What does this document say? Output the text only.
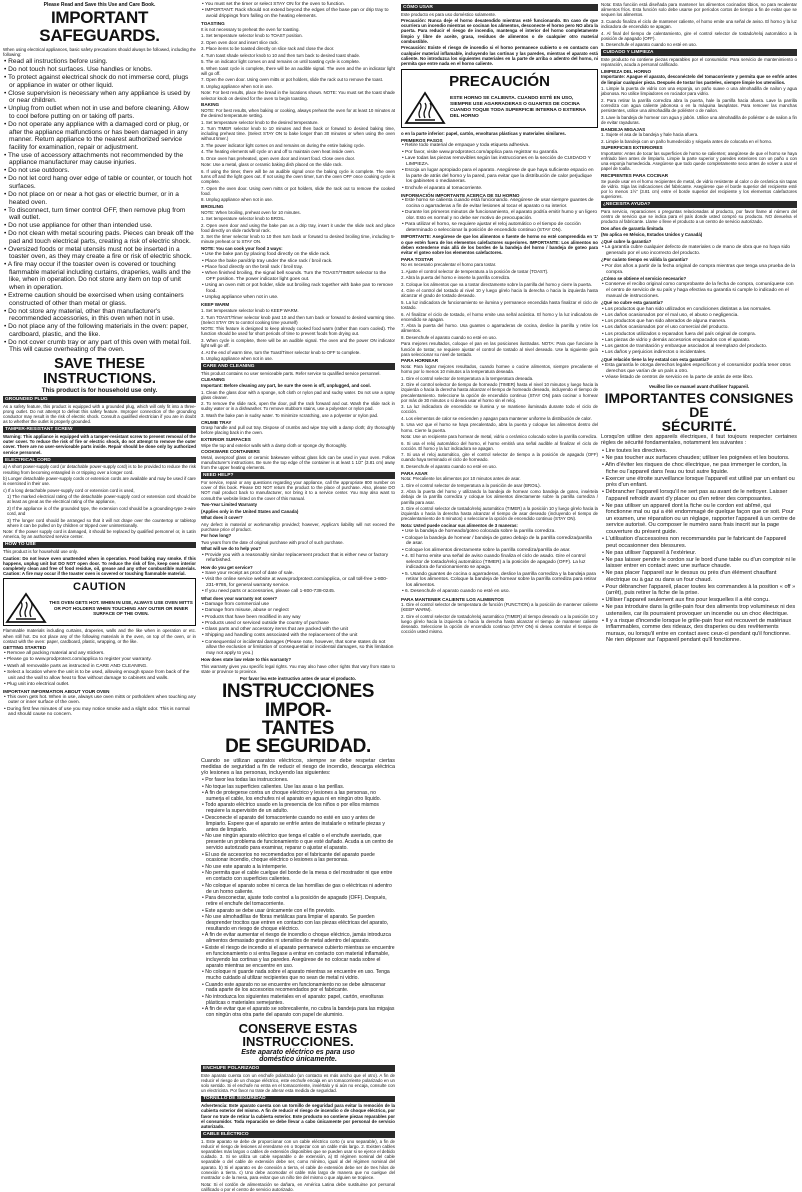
Please Read and Save this Use and Care Book.
IMPORTANT SAFEGUARDS.
When using electrical appliances, basic safety precautions should always be followed, including the following:
• Read all instructions before using.
• Do not touch hot surfaces. Use handles or knobs.
• To protect against electrical shock do not immerse cord, plugs or appliance in water or other liquid.
• Close supervision is necessary when any appliance is used by or near children.
• Unplug from outlet when not in use and before cleaning. Allow to cool before putting on or taking off parts.
• Do not operate any appliance with a damaged cord or plug, or after the appliance malfunctions or has been damaged in any manner. Return appliance to the nearest authorized service facility for examination, repair or adjustment.
• The use of accessory attachments not recommended by the appliance manufacturer may cause injuries.
• Do not use outdoors.
• Do not let cord hang over edge of table or counter, or touch hot surfaces.
• Do not place on or near a hot gas or electric burner, or in a heated oven.
• To disconnect, turn timer control OFF, then remove plug from wall outlet.
• Do not use appliance for other than intended use.
• Do not clean with metal scouring pads. Pieces can break off the pad and touch electrical parts, creating a risk of electric shock.
• Oversized foods or metal utensils must not be inserted in a toaster oven, as they may create a fire or risk of electric shock.
• A fire may occur if the toaster oven is covered or touching flammable material including curtains, draperies, walls and the like, when in operation. Do not store any item on top of unit when in operation.
• Extreme caution should be exercised when using containers constructed of other than metal or glass.
• Do not store any material, other than manufacturer's recommended accessories, in this oven when not in use.
• Do not place any of the following materials in the oven: paper, cardboard, plastic, and the like.
• Do not cover crumb tray or any part of this oven with metal foil. This will cause overheating of the oven.
SAVE THESE INSTRUCTIONS.
This product is for household use only.
GROUNDED PLUG
As a safety feature, this product is equipped with a grounded plug, which will only fit into a three-prong outlet. Do not attempt to defeat this safety feature. Improper connection of the grounding conductor may result in the risk of electric shock. Consult a qualified electrician if you are in doubt as to whether the outlet is properly grounded.
TAMPER-RESISTANT SCREW
Warning: This appliance is equipped with a tamper-resistant screw to prevent removal of the outer cover. To reduce the risk of fire or electric shock, do not attempt to remove the outer cover. There are no user-serviceable parts inside. Repair should be done only by authorized service personnel.
ELECTRICAL CORD
a) A short power-supply cord (or detachable power-supply cord) is to be provided to reduce the risk resulting from becoming entangled in or tripping over a longer cord.
b) Longer detachable power-supply cords or extension cords are available and may be used if care is exercised in their use.
c) If a long detachable power-supply cord or extension cord is used,
1) The marked electrical rating of the detachable power-supply cord or extension cord should be at least as great as the electrical rating of the appliance,
2) If the appliance is of the grounded type, the extension cord should be a grounding-type 3-wire cord, and
3) The longer cord should be arranged so that it will not drape over the countertop or tabletop where it can be pulled on by children or tripped over unintentionally.
Note: If the power supply cord is damaged, it should be replaced by qualified personnel or, in Latin America, by an authorized service center.
HOW TO USE
This product is for household use only.
Caution: Do not leave oven unattended when in operation. Food baking may smoke. If this happens, unplug unit but DO NOT open door. To reduce the risk of fire, keep oven interior completely clean and free of food residue, oil, grease and any other combustible materials. Caution: A fire may occur if the toaster oven is covered or touching flammable material.
CAUTION
THIS OVEN GETS HOT. WHEN IN USE, ALWAYS USE OVEN MITTS OR POT HOLDERS WHEN TOUCHING ANY OUTER OR INNER SURFACE OF THE OVEN.
Flammable materials including curtains, draperies, walls and the like when in operation or etc. when still hot. Do not place any of the following materials in the oven, on top of the oven, or in contact with the oven: paper, cardboard, plastic, wrapping, or the like.
GETTING STARTED
• Remove all packing material and any stickers.
• Please go to www.prodprotect.com/applica to register your warranty.
• Wash all removable parts as instructed in CARE AND CLEANING.
• Select a location where the unit is to be used, allowing enough space from back of the unit and the wall to allow heat to flow without damage to cabinets and walls.
• Plug unit into electrical outlet.
IMPORTANT INFORMATION ABOUT YOUR OVEN
• This oven gets hot. When in use, always use oven mitts or potholders when touching any outer or inner surface of the oven.
• During first few minutes of use you may notice smoke and a slight odor. This is normal and should cause no concern.
• You must set the timer or select STAY ON for the oven to function.
• IMPORTANT: Rack should not extend beyond the edges of the base pan or drip tray to avoid drippings from falling on the heating elements.
TOASTING
It is not necessary to preheat the oven for toasting.
1. Set temperature selector knob to TOAST position.
2. Open oven door and insert slice rack.
3. Place items to be toasted directly on slice rack and close the door.
4. Turn toast shade selector knob to 10 and then turn back to desired toast shade.
5. The on indicator light comes on and remains on until toasting cycle is complete.
6. When toast cycle is complete, there will be an audible signal. The oven and the on indicator light will go off.
7. Open the oven door. Using oven mitts or pot holders, slide the rack out to remove the toast.
8. Unplug appliance when not in use.
Note: For best results, place the bread in the locations shown. NOTE: You must set the toast shade selector knob on desired for the oven to begin toasting.
BAKING
NOTE: For best results, when baking or cooking, always preheat the oven for at least 10 minutes at the desired temperature setting.
1. Set temperature selector knob to the desired temperature.
2. Turn TIMER selector knob to 10 minutes and then back or forward to desired baking time, including preheat time. (Select STAY ON to bake longer than 30 minutes or when using the oven without timer.)
3. The power indicator light comes on and remains on during the entire baking cycle.
4. The heating elements will cycle on and off to maintain oven heat inside oven.
5. Once oven has preheated, open oven door and insert food. Close oven door.
Note: Use a metal, glass or ceramic baking dish placed on the slide rack.
6. If using the timer, there will be an audible signal once the baking cycle is complete. The oven turns off and the light goes out. If not using the oven timer, turn the oven OFF once cooking cycle is complete.
7. Open the oven door. Using oven mitts or pot holders, slide the rack out to remove the cooked food.
8. Unplug appliance when not in use.
BROILING
NOTE: When broiling, preheat oven for 10 minutes.
1. Set temperature selector knob to BROIL.
2. Open oven door and using the bake pan as a drip tray, insert it under the slide rack and place food directly on slide rack/broil rack.
3. Set the timer selector knob to 10 then turn back or forward to desired broiling time, including 5-minute preheat or to STAY ON.
NOTE: You can cook your food 3 ways:
• Use the bake pan by placing food directly on the slide rack.
• Place the bake pan/drip tray under the slice rack / broil rack.
• Place food directly on the broil rack / broil tray.
• When finished broiling, the signal bell sounds. Turn the TOAST/TIMER selector to the OFF position. The power indicator light goes out.
• Using an oven mitt or pot holder, slide out broiling rack together with bake pan to remove food.
• Unplug appliance when not in use.
KEEP WARM
1. Set temperature selector knob to KEEP WARM.
2. Turn TOAST/Timer selector knob past 10 and then turn back or forward to desired warming time. (Select STAY ON to control cooking time yourself)
NOTE: This feature is designed to keep already cooked food warm (rather than room cooled). The function should be used for short periods of time to prevent foods from drying out.
3. When cycle is complete, there will be an audible signal. The oven and the power ON indicator light will go off.
4. At the end of warm time, turn the Toast/Timer selector knob to OFF to complete.
5. Unplug appliance when not in use.
CARE AND CLEANING
This product contains no user serviceable parts. Refer service to qualified service personnel.
CLEANING
Important: Before cleaning any part, be sure the oven is off, unplugged, and cool.
1. Clean the glass door with a sponge, soft cloth or nylon pad and sudsy water. Do not use a spray glass cleaner.
2. To remove the slide rack, open the door, pull the rack forward and out. Wash the slide rack in sudsy water or in a dishwasher. To remove stubborn stains, use a polyester or nylon pad.
3. Wash the bake pan in sudsy water. To minimize scratching, use a polyester or nylon pad.
CRUMB TRAY
Grasp handle and pull out tray. Dispose of crumbs and wipe tray with a damp cloth; dry thoroughly before placing back in the oven.
EXTERIOR SURFACES
Wipe the top and exterior walls with a damp cloth or sponge dry thoroughly.
COOKWARE CONTAINERS
Metal, ovenproof glass or ceramic bakeware without glass lids can be used in your oven. Follow manufacturer's instructions. Be sure the top edge of the container is at least 1 1/2" (3.81 cm) away from the upper heating elements.
NEED HELP?
For service, repair or any questions regarding your appliance, call the appropriate 800 number on cover of this book. Please DO NOT return the product to the place of purchase. Also, please DO NOT mail product back to manufacturer, nor bring it to a service center. You may also want to consult the website listed on the cover of this manual.
Two-Year Limited Warranty
(Applies only in the United States and Canada)
What does it cover?
Any defect in material or workmanship provided; however, Applica's liability will not exceed the purchase price of product.
For how long?
Two years from the date of original purchase with proof of such purchase.
What will we do to help you?
• Provide you with a reasonably similar replacement product that is either new or factory refurbished.
How do you get service?
• Save your receipt as proof of date of sale.
• Visit the online service website at www.prodprotect.com/applica, or call toll-free 1-800-231-9786, for general warranty service.
• If you need parts or accessories, please call 1-800-738-0245.
What does your warranty not cover?
• Damage from commercial use
• Damage from misuse, abuse or neglect
• Products that have been modified in any way
• Products used or serviced outside the country of purchase
• Glass parts and other accessory items that are packed with the unit
• Shipping and handling costs associated with the replacement of the unit
• Consequential or incidental damages (Please note, however, that some states do not allow the exclusion or limitation of consequential or incidental damages, so this limitation may not apply to you.)
How does state law relate to this warranty?
This warranty gives you specific legal rights. You may also have other rights that vary from state to state or province to province.
Por favor lea este instructivo antes de usar el producto.
INSTRUCCIONES IMPOR-
TANTES
DE SEGURIDAD.
Cuando se utilizan aparatos eléctricos, siempre se debe respetar ciertas medidas de seguridad a fin de reducir el riesgo de incendio, descarga eléctrica y/o lesiones a las personas, incluyendo las siguientes:
• Por favor lea todas las instrucciones.
• No toque las superficies calientes. Use las asas o las perillas.
• A fin de protegerse contra un choque eléctrico y lesiones a las personas, no sumerja el cable, los enchufes ni el aparato en agua ni en ningún otro líquido.
• Todo aparato eléctrico usado en la presencia de los niños o por ellos mismos requiere la supervisión de un adulto.
• Desconecte el aparato del tomacorriente cuando no esté en uso y antes de limpiarlo. Espere que el aparato se enfríe antes de instalarle o retirarle piezas y antes de limpiarlo.
• No use ningún aparato eléctrico que tenga el cable o el enchufe averiado, que presente un problema de funcionamiento o que esté dañado. Acuda a un centro de servicio autorizado para examinar, reparar o ajustar el aparato.
• El uso de accesorios no recomendados por el fabricante del aparato puede ocasionar incendio, choque eléctrico o lesiones a las personas.
• No use este aparato a la intemperie.
• No permita que el cable cuelgue del borde de la mesa o del mostrador ni que entre en contacto con superficies calientes.
• No coloque el aparato sobre ni cerca de las hornillas de gas o eléctricas ni adentro de un horno caliente.
• Para desconectar, ajuste todo control a la posición de apagado (OFF). Después, retire el enchufe del tomacorriente.
• Este aparato se debe usar únicamente con el fin previsto.
• No use almohadillas de fibras metálicas para limpiar el aparato. Se pueden desprender trocitos que entren en contacto con las piezas eléctricas del aparato, resultando en riesgo de choque eléctrico.
• A fin de evitar aumentar el riesgo de incendio o choque eléctrico, jamás introduzca alimentos demasiado grandes ni utensilios de metal adentro del aparato.
• Existe el riesgo de incendio si el aparato permanece cubierto mientras se encuentre en funcionamiento o si entra llegase a entrar en contacto con material inflamable, incluyendo las cortinas y las paredes. Asegúrese de no colocar nada sobre el aparato mientras se encuentre en uso.
• No coloque ni guarde nada sobre el aparato mientras se encuentre en uso. Tenga mucho cuidado al utilizar recipientes que no sean de metal ni vidrio.
• Cuando este aparato no se encuentre en funcionamiento no se debe almacenar nada aparte de los accesorios recomendados por el fabricante.
• No introduzca los siguientes materiales en el aparato: papel, cartón, envolturas plásticas o materiales semejantes.
• A fin de evitar que el aparato se sobrecaliente, no cubra la bandeja para las migajas con ningún otra otra parte del aparato con papel de aluminio.
CONSERVE ESTAS
INSTRUCCIONES.
Este aparato eléctrico es para uso
doméstico únicamente.
ENCHUFE POLARIZADO
Este aparato cuenta con un enchufe polarizado (un contacto es más ancho que el otro). A fin de reducir el riesgo de un choque eléctrico, este enchufe encaja en un tomacorriente polarizado en un solo sentido. Si el enchufe no entra en el tomacorriente, inviértalo y si aún no encaja, consulte con un electricista. Por favor no trate de alterar esta medida de seguridad.
TORNILLO DE SEGURIDAD
Advertencia: Este aparato cuenta con un tornillo de seguridad para evitar la remoción de la cubierta exterior del mismo. A fin de reducir el riesgo de incendio o de choque eléctrico, por favor no trate de retirar la cubierta exterior. Este producto no contiene piezas reparables por el consumidor. Toda reparación se debe llevar a cabo únicamente por personal de servicio autorizado.
CABLE ELÉCTRICO
1. Este aparato se debe de proporcionar con un cable eléctrico corto (o uno separable), a fin de reducir el riesgo de lesiones al enredarse en o tropezar con un cable más largo. 2. Existen cables separables más largos o cables de extensión disponibles que se pueden usar si se ejerce el debido cuidado. 3. Si se utiliza un cable separable o de extensión, a) El régimen nominal del cable separable o del cable de extensión debe ser, como mínimo, igual al del régimen nominal del aparato. b) Si el aparato es de conexión a tierra, el cable de extensión debe ser de tres hilos de conexión a tierra. c) Uno debe acomodar el cable más largo de manera que no cuelgue del mostrador o de la mesa, para evitar que un niño tire del mismo o que alguien se tropiece.
Nota: Si el cordón de alimentación se dañara, en América Latina debe sustituirse por personal calificado o por el centro de servicio autorizado.
CÓMO USAR
Este producto es para uso doméstico solamente.
Precaución: Nunca deje el horno desatendido mientras esté funcionando. En caso de que ocurriera un incendio mientras se cocinan los alimentos, desconecte el horno pero NO abra la puerta. Para reducir el riesgo de incendio, mantenga el interior del horno completamente limpio y libre de aceite, grasa, residuos de alimentos o de cualquier otro material combustible.
Precaución: Existe el riesgo de incendio si el horno permanece cubierto o en contacto con cualquier material inflamable, incluyendo las cortinas y las paredes, mientras el aparato está caliente. No introduzca los siguientes materiales en la parte de arriba o adentro del horno, ni permita que entre nada en el horno caliente.
PRECAUCIÓN
ESTE HORNO SE CALIENTA. CUANDO ESTÉ EN USO, SIEMPRE USE AGARRADERAS O GUANTES DE COCINA CUANDO TOQUE TODA SUPERFICIE INTERNA O EXTERNA DEL HORNO
o en la parte inferior: papel, cartón, envolturas plásticas y materiales similares.
PRIMEROS PASOS
• Retire todo material de empaque y toda etiqueta adhesiva.
• Por favor, visite www.prodprotect.com/applica para registrar su garantía.
• Lave todas las piezas removibles según las instrucciones en la sección de CUIDADO Y LIMPIEZA.
• Escoja un lugar apropiado para el aparato. Asegúrese de que haya suficiente espacio en la parte de atrás del horno y la pared, para evitar que la distribución de calor perjudique los gabinetes o medianeras.
• Enchufe el aparato al tomacorriente.
INFORMACIÓN IMPORTANTE ACERCA DE SU HORNO
• Este horno se calienta cuando está funcionando. Asegúrese de usar siempre guantes de cocina o agarraderas a fin de evitar lesiones al tocar el aparato o su interior.
• Durante los primeros minutos de funcionamiento, el aparato podría emitir humo y un ligero olor. Esto es normal y no debe ser motivo de preocupación.
• Para utilizar el horno, se requiere ajustar el reloj automático o el tiempo de cocción determinado o seleccionar la posición de encendido continuo (STAY ON).
IMPORTANTE: Asegúrese de que los alimentos o fuente de horno no esté comprendida en '1' o que estén fuera de los elementos calefactores superiores. IMPORTANTE: Los alimentos no deben extenderse más allá de los bordes de la bandeja del horno / bandeja de goteo para evitar el goteo sobre los elementos calefactores.
PARA TOSTAR
No es necesario precalentar el horno para tostar.
1. Ajuste el control selector de temperatura a la posición de tostar (TOAST).
2. Abra la puerta del horno e inserte la parrilla corrediza.
3. Coloque los alimentos que va a tostar directamente sobre la parrilla del horno y cierre la puerta.
4. Gire el control del tostado al nivel 10 y luego gírelo hacia la derecha o hacia la izquierda hasta alcanzar el grado de tostado deseado.
5. La luz indicadora de funcionamiento se ilumina y permanece encendida hasta finalizar el ciclo de tostado.
6. Al finalizar el ciclo de tostado, el horno emite una señal acústica. El horno y la luz indicadora de encendido se apagan.
7. Abra la puerta del horno. Usa guantes o agarraderas de cocina, deslice la parrilla y retire los alimentos.
8. Desenchufe el aparato cuando no esté en uso.
Para mejores resultados, coloque el pan en las posiciones ilustradas. NOTA: Para que funcione la función de tostar, se requiere ajustar el control de tostado al nivel deseado. Use la siguiente guía para seleccionar su nivel de tostado.
PARA HORNEAR
Nota: Para lograr mejores resultados, cuando hornee o cocine alimentos, siempre precaliente el horno por lo menos 10 minutos a la temperatura deseada.
1. Gire el control selector de temperatura a la temperatura deseada.
2. Gire el control selector de tiempo de horneado (TIMER) hasta el nivel 10 minutos y luego hacia la izquierda o hacia la derecha hasta alcanzar el tiempo de horneado deseado, incluyendo el tiempo de precalentamiento. Seleccione la opción de encendido continuo (STAY ON) para cocinar o hornear por más de 30 minutos o si desea usar el horno sin el reloj.
3. La luz indicadora de encendido se ilumina y se mantiene iluminada durante todo el ciclo de cocción.
4. Los elementos de calor se encienden y apagan para mantener uniforme la distribución de calor.
5. Una vez que el horno se haya precalentado, abra la puerta y coloque los alimentos dentro del horno. Cierre la puerta.
Nota: Use un recipiente para hornear de metal, vidrio o cerámico colocado sobre la parrilla corrediza.
6. Si usa el reloj automático del horno, el horno emitirá una señal audible al finalizar el ciclo de cocción. El horno y la luz indicadora se apagan.
7. Si usa el reloj automático, gire el control selector de tiempo a la posición de apagado (OFF) cuando haya terminado el ciclo de horneado.
8. Desenchufe el aparato cuando no esté en uso.
PARA ASAR
Nota: Precaliente los alimentos por 10 minutos antes de asar.
1. Gire el control selector de temperatura a la posición de asar (BROIL).
2. Abra la puerta del horno y utilizando la bandeja de hornear como bandeja de goteo, insértela debajo de la parrilla corrediza y coloque los alimentos directamente sobre la parrilla corrediza / parrilla para asar.
3. Gire el control selector de tostado/reloj automático (TIMER) a la posición 10 y luego gírelo hacia la izquierda o hacia la derecha hasta alcanzar el tiempo de asar deseado (incluyendo el tiempo de precalentamiento de 5 minutos) o seleccione la opción de encendido continuo (STAY ON).
Nota: Usted puede cocinar sus alimentos de 3 maneras:
• Use la bandeja de horneado/goteo colocada sobre la parrilla corrediza.
• Coloque la bandeja de hornear / bandeja de goteo debajo de la parrilla corrediza/parrilla de asar.
• Coloque los alimentos directamente sobre la parrilla corrediza/parrilla de asar.
• 4. El horno emite una señal de aviso cuando finaliza el ciclo de asado. Gire el control selector de tostado/reloj automático (TIMER) a la posición de apagado (OFF). La luz indicadora de funcionamiento se apaga.
• 5. Usando guantes de cocina o agarraderas, deslice la parrilla corrediza y la bandeja para retirar los alimentos. Coloque la bandeja de hornear sobre la parrilla corrediza para retirar los alimentos.
• 6. Desenchufe el aparato cuando no esté en uso.
PARA MANTENER CALIENTE LOS ALIMENTOS
1. Gire el control selector de temperatura de función (FUNCTION) a la posición de mantener caliente (KEEP WARM).
2. Gire el control selector de tostado/reloj automático (TIMER) al tiempo deseado o a la posición 10 y luego gírelo hacia la izquierda o hacia la derecha hasta alcanzar el tiempo de mantener caliente deseado. Seleccione la opción de encendido continuo (STAY ON) si desea controlar el tiempo de cocción usted mismo.
Nota: Esta función está diseñada para mantener los alimentos cocinados tibios, no para recalentar alimentos fríos. Esta función solo debe usarse por períodos cortos de tiempo a fin de evitar que se sequen los alimentos.
3. Cuando finaliza el ciclo de mantener caliente, el horno emite una señal de aviso. El horno y la luz indicadora de encendido se apagan.
4. Al final del tiempo de calentamiento, gire el control selector de tostado/reloj automático a la posición de apagado (OFF).
5. Desenchufe el aparato cuando no esté en uso.
CUIDADO Y LIMPIEZA
Este producto no contiene piezas reparables por el consumidor. Para servicio de mantenimiento o reparación, acuda a personal calificado.
LIMPIEZA DEL HORNO
Importante: Apague el aparato, desconéctelo del tomacorriente y permita que se enfríe antes de limpiar cualquier pieza. Después de tostar los pasteles, siempre limpie los utensilios.
1. Limpie la puerta de vidrio con una esponja, un paño suave o una almohadilla de nailon y agua jabonosa. No utilice limpiadores en rociador para vidrio.
2. Para retirar la parrilla corrediza abra la puerta, hale la parrilla hacia afuera. Lave la parrilla corrediza con agua caliente jabonosa o en la máquina lavaplatos. Para remover las manchas persistentes, utilice una almohadilla de poliéster o de nailon.
3. Lave la bandeja de hornear con agua y jabón. Utilice una almohadilla de poliéster o de nailon a fin de evitar rayaduras.
BANDEJA MIGAJAS
1. Sujete el asa de la bandeja y hale hacia afuera.
2. Limpie la bandeja con un paño humedecido y séquela antes de colocarla en el horno.
SUPERFICIES EXTERIORES
Importante: Antes de tocar las superficies de horno se calienten; asegúrese de que el horno se haya enfriado bien antes de limpiarlo. Limpie la parte superior y paredes exteriores con un paño o con una esponja humedecida. Asegúrese que todo quede completamente seco antes de volver a usar el papel de toalla.
RECIPIENTES PARA COCINAR
Se puede usar en el horno recipientes de metal, de vidrio resistente al calor o de cerámica sin tapas de vidrio. Siga las indicaciones del fabricante. Asegúrese que el borde superior del recipiente esté por lo menos 1½" (3.81 cm) entre el borde superior del recipiente y los elementos calefactores superiores.
¿NECESITA AYUDA?
Para servicio, reparaciones o preguntas relacionadas al producto, por favor llame al número del centro de servicio que se indica para el país donde usted compró su producto. NO devuelva el producto al fabricante. Llame o lleve el producto a un centro de servicio autorizado.
Dos años de garantía limitada
(No aplica en México, Estados Unidos y Canadá)
¿Qué cubre la garantía?
• La garantía cubre cualquier defecto de materiales o de mano de obra que no haya sido generado por el uso incorrecto del producto.
¿Por cuánto tiempo es válida la garantía?
• Por dos años a partir de la fecha original de compra mientras que tenga una prueba de la compra.
¿Cómo se obtiene el servicio necesario?
• Conserve el recibo original como comprobante de la fecha de compra, comuníquese con el centro de servicio de su país y haga efectiva su garantía si cumple lo indicado en el manual de instrucciones.
¿Qué no cubre esta garantía?
• Los productos que han sido utilizados en condiciones distintas a las normales.
• Los daños ocasionados por el mal uso, el abuso o negligencia.
• Los productos que han sido alterados de alguna manera.
• Los daños ocasionados por el uso comercial del producto.
• Los productos utilizados o reparados fuera del país original de compra.
• Las piezas de vidrio y demás accesorios empacados con el aparato.
• Los gastos de tramitación y embarque asociados al reemplazo del producto.
• Los daños y perjuicios indirectos o incidentales.
¿Qué relación tiene la ley estatal con esta garantía?
• Esta garantía le otorga derechos legales específicos y el consumidor podría tener otros derechos que varían de un país a otro.
• Véase listado de centros de servicio en la parte de atrás de este libro.
Veuillez lire ce manuel avant d'utiliser l'appareil.
IMPORTANTES CONSIGNES DE
SÉCURITÉ.
Lorsqu'on utilise des appareils électriques, il faut toujours respecter certaines règles de sécurité fondamentales, notamment les suivantes :
• Lire toutes les directives.
• Ne pas toucher aux surfaces chaudes; utiliser les poignées et les boutons.
• Afin d'éviter les risques de choc électrique, ne pas immerger le cordon, la fiche ou l'appareil dans l'eau ou tout autre liquide.
• Exercer une étroite surveillance lorsque l'appareil est utilisé par un enfant ou près d'un enfant.
• Débrancher l'appareil lorsqu'il ne sert pas au avant de le nettoyer. Laisser l'appareil refroidir avant d'y placer ou d'en retirer des composantes.
• Ne pas utiliser un appareil dont la fiche ou le cordon est abîmé, qui fonctionne mal ou qui a été endommagé de quelque façon que ce soit. Pour un examen, une réparation ou un réglage, rapporter l'appareil à un centre de service autorisé. Ou composer le numéro sans frais inscrit sur la page couverture du présent guide.
• L'utilisation d'accessoires non recommandés par le fabricant de l'appareil peut occasionner des blessures.
• Ne pas utiliser l'appareil à l'extérieur.
• Ne pas laisser pendre le cordon sur le bord d'une table ou d'un comptoir ni le laisser entrer en contact avec une surface chaude.
• Ne pas placer l'appareil sur le dessus ou près d'un élément chauffant électrique ou à gaz ou dans un four chaud.
• Pour débrancher l'appareil, placer toutes les commandes à la position « off » (arrêt), puis retirer la fiche de la prise.
• Utiliser l'appareil seulement aux fins pour lesquelles il a été conçu.
• Ne pas introduire dans la grille-pain four des aliments trop volumineux ni des ustensiles, car ils pourraient provoquer un incendie ou un choc électrique.
• Il y a risque d'incendie lorsque le grille-pain four est recouvert de matériaux inflammables, comme des rideaux, des draperies ou des revêtements muraux, ou lorsqu'il entre en contact avec ceux-ci pendant qu'il fonctionne. Ne rien déposer sur l'appareil pendant qu'il fonctionne.
